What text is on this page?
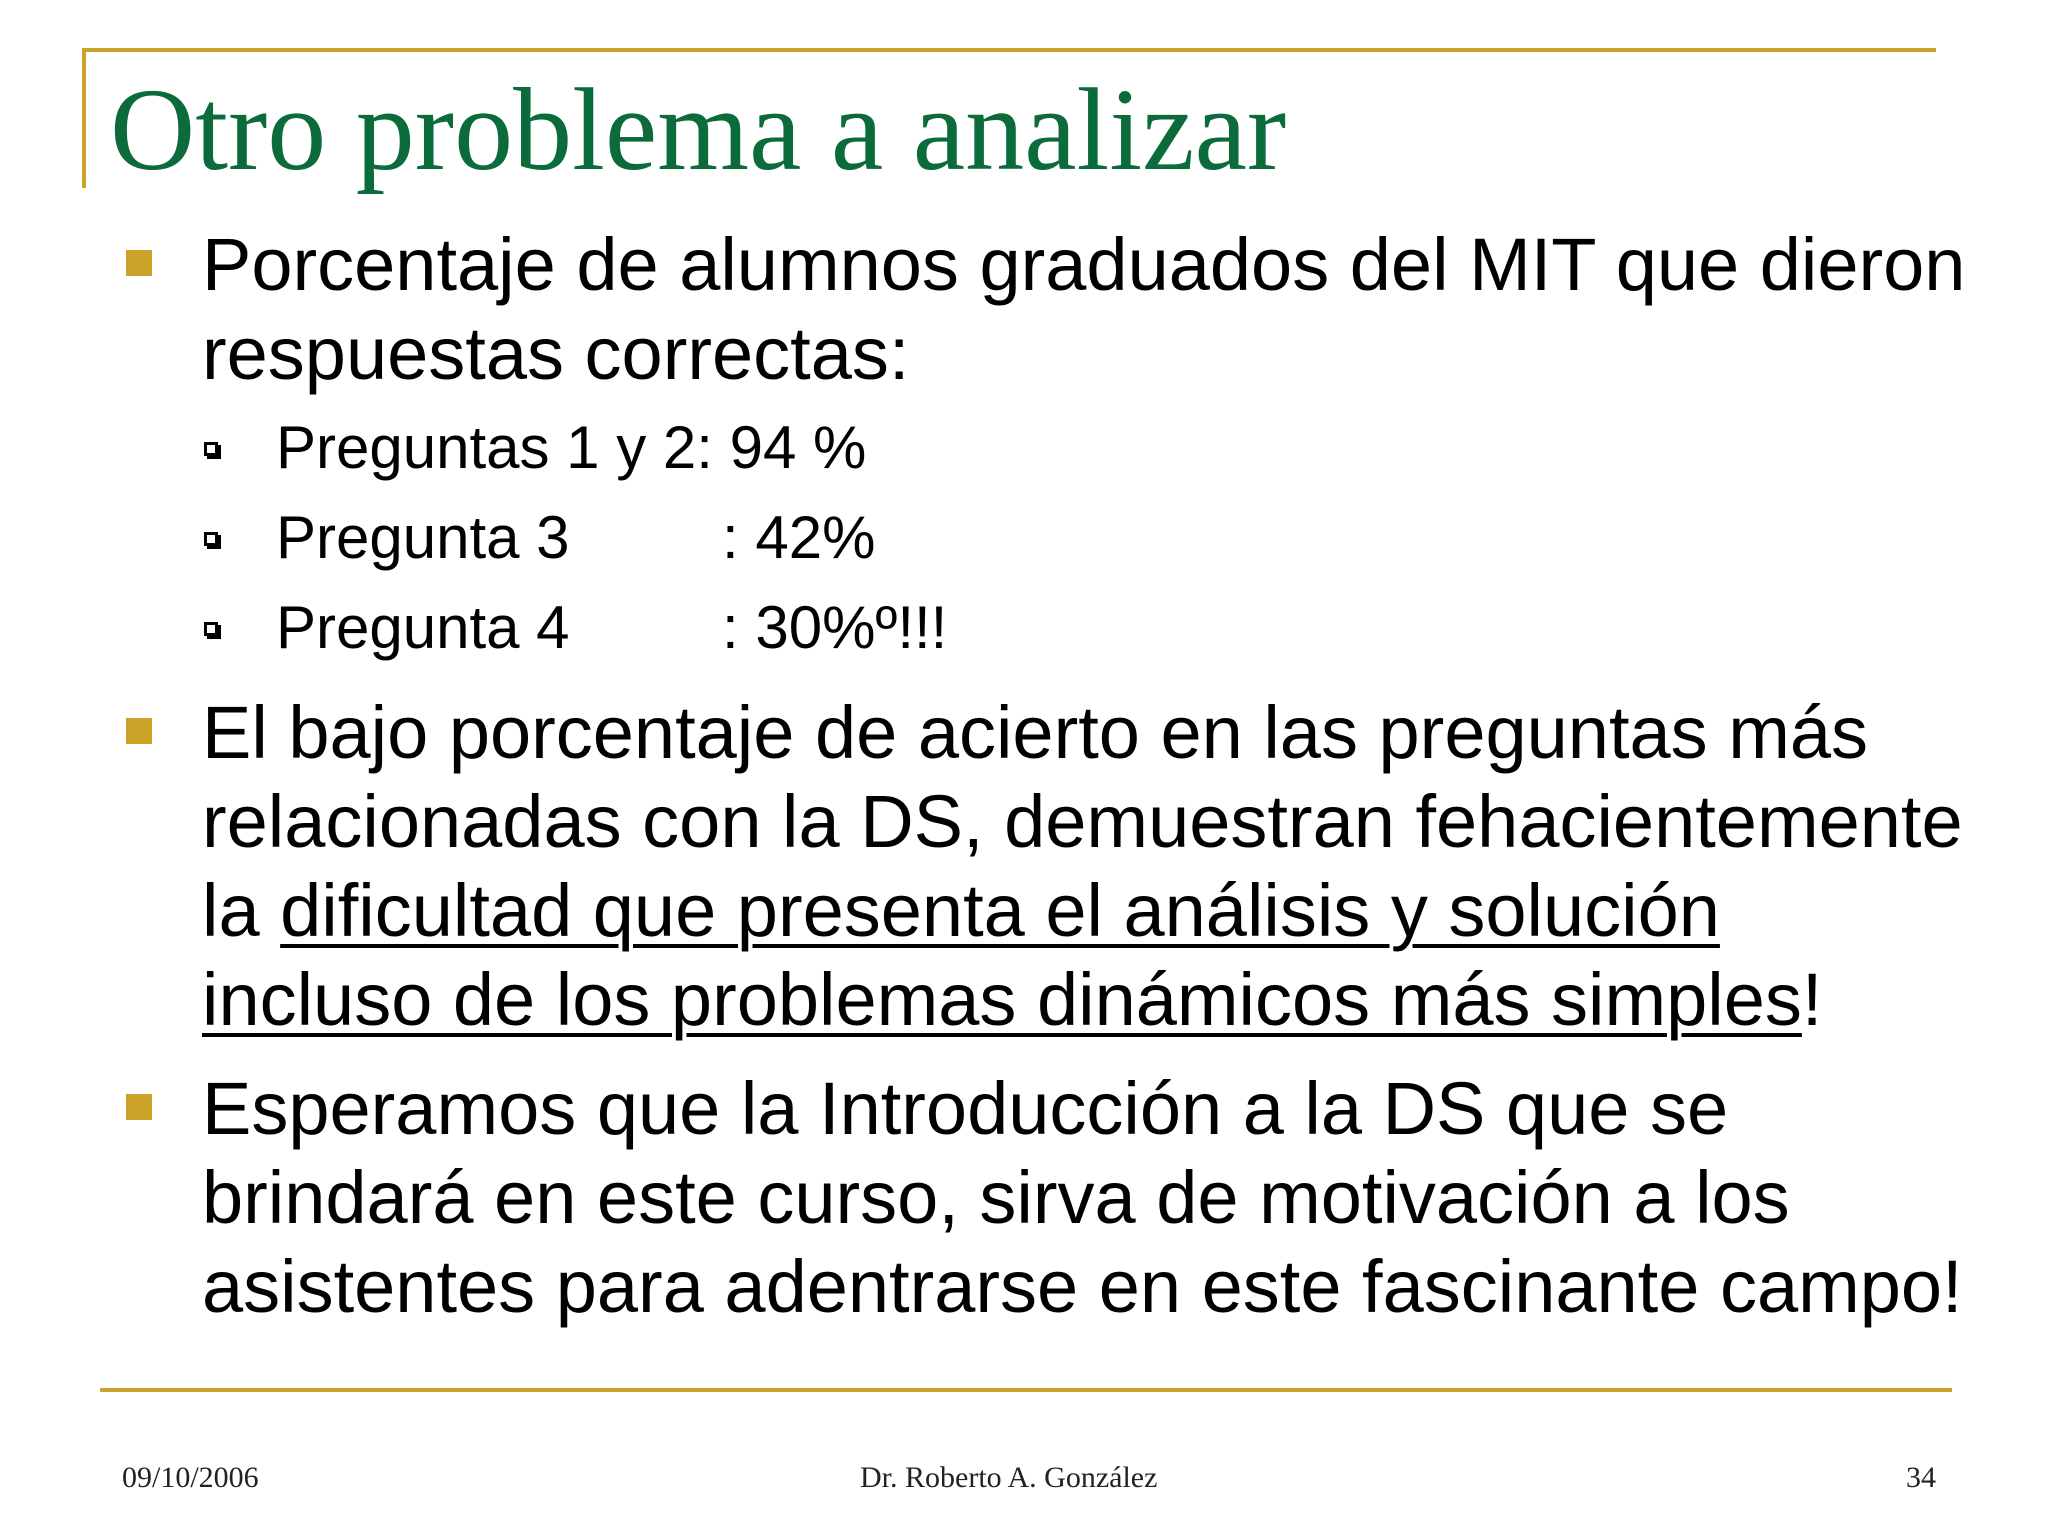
Otro problema a analizar
Porcentaje de alumnos graduados del MIT que dieron
respuestas correctas:
Preguntas 1 y 2: 94 %
Pregunta 3	: 42%
Pregunta 4	: 30%º!!!
El bajo porcentaje de acierto en las preguntas más
relacionadas con la DS, demuestran fehacientemente
la dificultad que presenta el análisis y solución
incluso de los problemas dinámicos más simples!
Esperamos que la Introducción a la DS que se
brindará en este curso, sirva de motivación a los
asistentes para adentrarse en este fascinante campo!
09/10/2006	Dr. Roberto A. González	34
